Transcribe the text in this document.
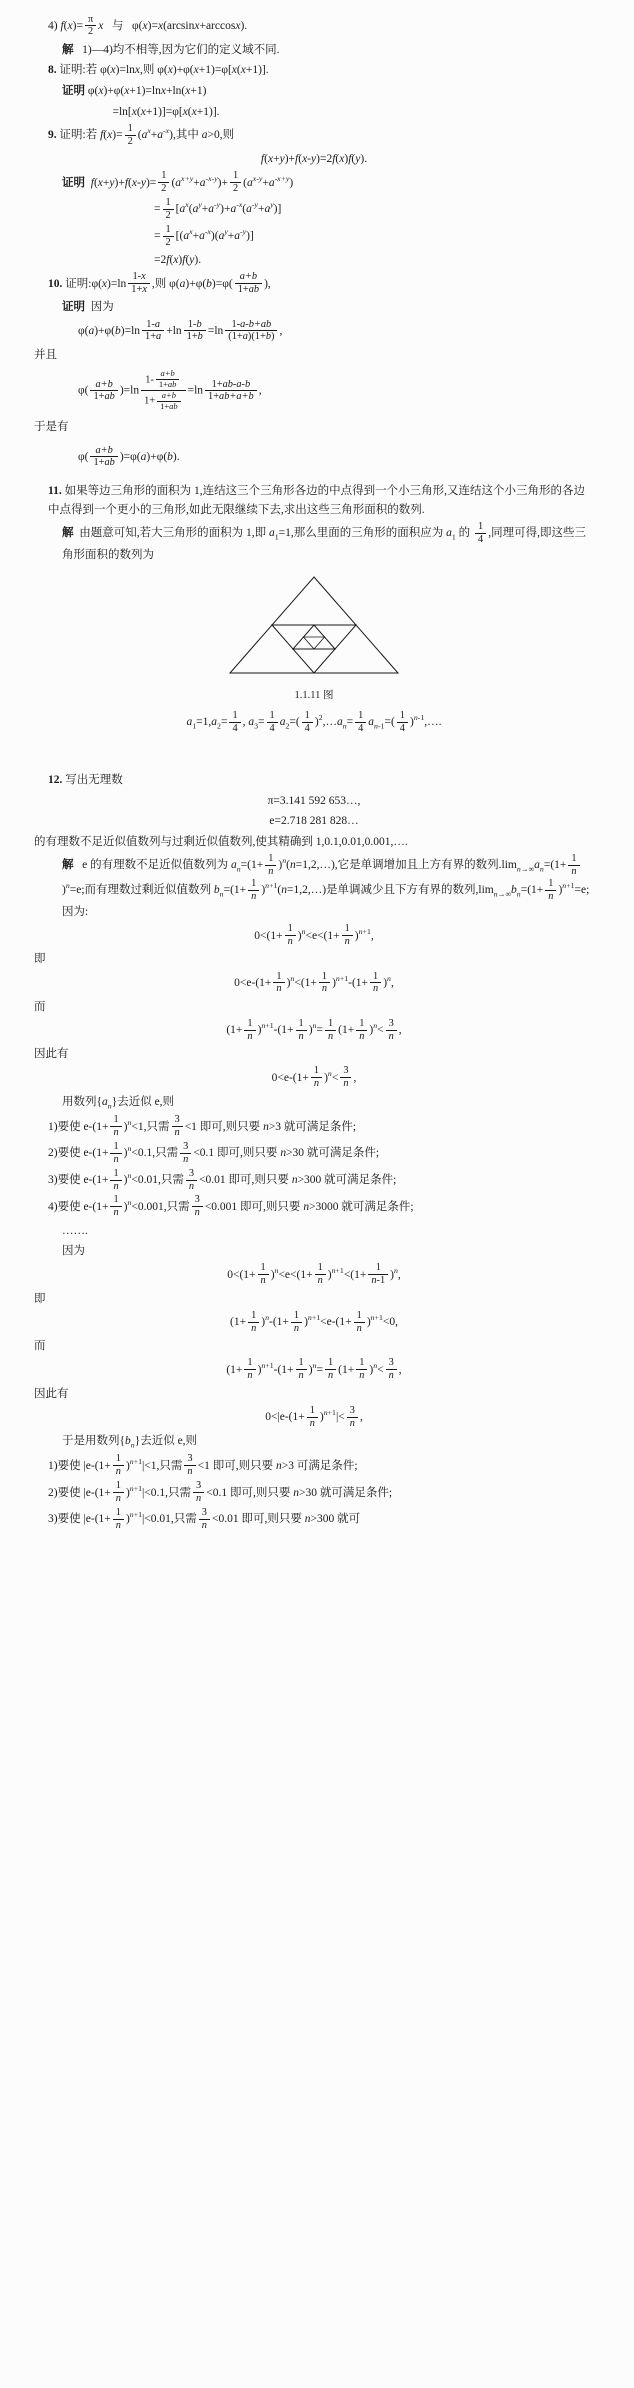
4) $f(x)= \frac{\pi}{2}$ x   与   φ(x)=x(arcsinx+arccosx).
解   1)—4)均不相等,因为它们的定义域不同.
8. 证明:若 φ(x)=lnx,则 φ(x)+φ(x+1)=φ[x(x+1)].
证明 φ(x)+φ(x+1)=lnx+ln(x+1)
=ln[x(x+1)]=φ[x(x+1)].
9. 证明:若 $f(x)= \frac{1}{2} (a^x+a^{-x})$,其中 a>0,则
f(x+y)+f(x-y)=2f(x)f(y).
证明 $f(x+y)+f(x-y)= \frac{1}{2} (a^{x+y}+a^{-x-y})+ \frac{1}{2} (a^{x-y}+a^{-x+y})$
= $\frac{1}{2} [a^x(a^y+a^{-y})+a^{-x}(a^{-y}+a^y)]$
= $\frac{1}{2} [(a^x+a^{-x})(a^y+a^{-y})]$
=2f(x)f(y).
10. 证明:φ(x)=ln $\frac{1-x}{1+x}$ ,则 $\varphi(a)+\varphi(b)=\varphi( \frac{a+b}{1+ab}$ ),
证明  因为
$\varphi(a)+\varphi(b)=\ln \frac{1-a}{1+a} +\ln \frac{1-b}{1+b} =\ln \frac{1-a-b+ab}{(1+a)(1+b)}$ ,
并且
$\varphi( \frac{a+b}{1+ab} )=\ln \frac{1- \frac{a+b}{1+ab}}{1+ \frac{a+b}{1+ab}} =\ln \frac{1+ab-a-b}{1+ab+a+b}$ ,
于是有
$\varphi( \frac{a+b}{1+ab} )=\varphi(a)+\varphi(b)$.
11. 如果等边三角形的面积为 1,连结这三个三角形各边的中点得到一个小三角形,又连结这个小三角形的各边中点得到一个更小的三角形,如此无限继续下去,求出这些三角形面积的数列.
解  由题意可知,若大三角形的面积为 1,即 $a_1=1$,那么里面的三角形的面积应为 $a_1$ 的 $\frac{1}{4}$ ,同理可得,即这些三角形面积的数列为
1.1.11 图
$a_1=1,a_2= \frac{1}{4}$ , $a_3= \frac{1}{4} a_2=( \frac{1}{4}$ )$^2,\dots a_n= \frac{1}{4} a_{n-1}=( \frac{1}{4}$ )$^{n-1},\dots$.
12. 写出无理数
π=3.141 592 653…,
e=2.718 281 828…
的有理数不足近似值数列与过剩近似值数列,使其精确到 1,0.1,0.01,0.001,….
解   e 的有理数不足近似值数列为 $a_n=(1+ \frac{1}{n}$ )$^n(n=1,2,\dots)$,它是单调增加且上方有界的数列$.\lim_{n\to\infty}a_n=(1+ \frac{1}{n}$
)$^n$=e;而有理数过剩近似值数列 $b_n=(1+ \frac{1}{n}$ )$^{n+1}(n=1,2,\dots)$是单调减少且下方有界的数列$,\lim_{n\to\infty}b_n=(1+ \frac{1}{n} )^{n+1}=e$;因为:
$0<(1+ \frac{1}{n} )^n<e<(1+ \frac{1}{n} )^{n+1}$,
即
$0<e-(1+ \frac{1}{n} )^n<(1+ \frac{1}{n} )^{n+1}-(1+ \frac{1}{n} )^n$,
而
$(1+ \frac{1}{n} )^{n+1}-(1+ \frac{1}{n} )^n= \frac{1}{n} (1+ \frac{1}{n} )^n< \frac{3}{n}$ ,
因此有
$0<e-(1+ \frac{1}{n} )^n< \frac{3}{n}$ ,
用数列$\{a_n\}$去近似 e,则
1)要使 $e-(1+ \frac{1}{n} )^n<1$,只需 $\frac{3}{n} <1$ 即可,则只要 n>3 就可满足条件;
2)要使 $e-(1+ \frac{1}{n} )^n<0.1$,只需 $\frac{3}{n} <0.1$ 即可,则只要 n>30 就可满足条件;
3)要使 $e-(1+ \frac{1}{n} )^n<0.01$,只需 $\frac{3}{n} <0.01$ 即可,则只要 n>300 就可满足条件;
4)要使 $e-(1+ \frac{1}{n} )^n<0.001$,只需 $\frac{3}{n} <0.001$ 即可,则只要 n>3000 就可满足条件;
…….
因为
$0<(1+ \frac{1}{n} )^n<e<(1+ \frac{1}{n} )^{n+1}<(1+ \frac{1}{n-1} )^n$,
即
$(1+ \frac{1}{n} )^n-(1+ \frac{1}{n} )^{n+1}<e-(1+ \frac{1}{n} )^{n+1}<0$,
而
$(1+ \frac{1}{n} )^{n+1}-(1+ \frac{1}{n} )^n= \frac{1}{n} (1+ \frac{1}{n} )^n< \frac{3}{n}$ ,
因此有
$0<|e-(1+ \frac{1}{n} )^{n+1}|< \frac{3}{n}$ ,
于是用数列$\{b_n\}$去近似 e,则
1)要使 $|e-(1+ \frac{1}{n} )^{n+1}|<1$,只需 $\frac{3}{n} <1$ 即可,则只要 n>3 可满足条件;
2)要使 $|e-(1+ \frac{1}{n} )^{n+1}|<0.1$,只需 $\frac{3}{n} <0.1$ 即可,则只要 n>30 就可满足条件;
3)要使 $|e-(1+ \frac{1}{n} )^{n+1}|<0.01$,只需 $\frac{3}{n} <0.01$ 即可,则只要 n>300 就可
